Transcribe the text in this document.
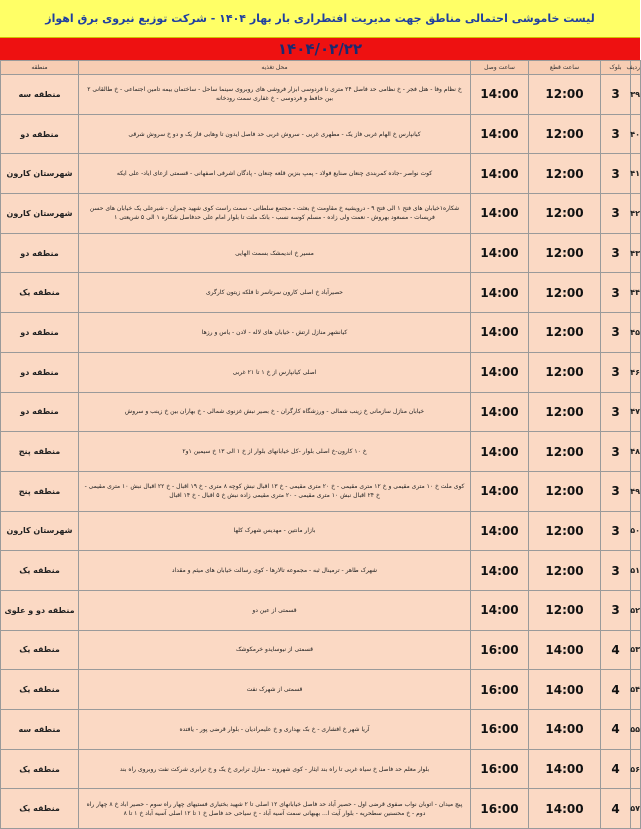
لیست خاموشی احتمالی مناطق جهت مدیریت افتطراری بار بهار ۱۴۰۴ - شرکت توزیع نیروی برق اهواز
۱۴۰۴/۰۲/۲۲
ردیف	بلوک	ساعت قطع	ساعت وصل	محل تغذیه	منطقه
۳۹	3	12:00	14:00	خ نظام وفا - هتل فجر - خ نظامی حد فاصل ۲۴ متری تا فردوسی ابزار فروشی های روبروی سینما ساحل - ساختمان بیمه تامین اجتماعی - خ طالقانی ۲ بین حافظ و فردوسی - خ غفاری سمت رودخانه	منطقه سه
۴۰	3	12:00	14:00	کیانپارس خ الهام غربی فاز یک - مطهری غربی - سروش غربی حد فاصل ایدون تا وهابی فاز یک و دو خ سروش شرقی	منطقه دو
۴۱	3	12:00	14:00	کوت نواصر -جاده کمربندی چنعان صنایع فولاد - پمپ بنزین قلعه چنعان - پادگان اشرفی اصفهانی - قسمتی ازعای ایاد- علی ایکه	شهرستان کارون
۴۲	3	12:00	14:00	شکاره۱خیابان های فتح ۱ الی فتح ۹ - درویشیه خ مقاومت خ بعثت - مجتمع سلطانی - سمت راست کوی شهید چمران - شیرعلی یک خیابان های حسن فریسات - مسعود بهروش - نعمت ولی زاده - مسلم کوسه نسب - بانک ملت تا بلوار امام علی حدفاصل شکاره ۱ الی ۵ شریعتی ۱	شهرستان کارون
۴۳	3	12:00	14:00	مسیر خ اندیمشک بسمت الهایی	منطقه دو
۴۴	3	12:00	14:00	حصیرآباد خ اصلی کارون سرتاسر تا فلکه زیتون کارگری	منطقه یک
۴۵	3	12:00	14:00	کیانشهر منازل ارتش - خیابان های لاله - لادن - یاس و رزها	منطقه دو
۴۶	3	12:00	14:00	اصلی کیانپارس از خ ۱ تا ۲۱ غربی	منطقه دو
۴۷	3	12:00	14:00	خیابان منازل سازمانی خ زینب شمالی - ورزشگاه کارگران - خ بصیر نبش غزنوی شمالی - خ بهاران بین خ زینب و سروش	منطقه دو
۴۸	3	12:00	14:00	خ ۱۰ کارون-خ اصلی بلوار -کل خیابانهای بلوار از خ ۱ الی ۱۳ خ سیمین ۱و۲	منطقه پنج
۴۹	3	12:00	14:00	کوی ملت خ ۱۰ متری مقیمی و خ ۱۲ متری مقیمی - خ ۲۰ متری مقیمی - خ ۱۳ اقبال نبش کوچه ۸ متری - خ ۱۹ اقبال - خ ۲۲ اقبال نبش ۱۰ متری مقیمی - خ ۲۴ اقبال نبش ۱۰ متری مقیمی - ۲۰ متری مقیمی زاده نبش خ ۵ اقبال - خ ۱۴ اقبال	منطقه پنج
۵۰	3	12:00	14:00	بازار مانتین - مهدیس شهرک کلها	شهرستان کارون
۵۱	3	12:00	14:00	شهرک طاهر - ترمینال ثبه - مجموعه تالارها - کوی رسالت خیابان های میثم و مقداد	منطقه یک
۵۲	3	12:00	14:00	قسمتی از عین دو	منطقه دو و علوی
۵۳	4	14:00	16:00	قسمتی از نیوسایدو خرمکوشک	منطقه یک
۵۴	4	14:00	16:00	قسمتی از شهرک نفت	منطقه یک
۵۵	4	14:00	16:00	آریا شهر خ افشاری - خ بک بهداری و خ علیمرادیان - بلوار قرضی پور - یافتده	منطقه سه
۵۶	4	14:00	16:00	بلوار معلم حد فاصل خ سیاه غربی تا راه بند ایثار - کوی شهروند - منازل ترابری خ یک و خ ترابری شرکت نفت روبروی راه بند	منطقه یک
۵۷	4	14:00	16:00	پیچ میدان - اتوبان نواب صفوی قرضی اول - حصیر آباد حد فاصل خیابانهای ۱۲ اصلی تا ۲ شهید بختیاری فستیهای چهار راه سوم - حصیر اباد خ ۸ چهار راه دوم - خ محسنین سطحریه - بلوار آیت ا... بهبهانی سمت آسیه آباد - خ سیاحی حد فاصل خ ۱ تا ۱۲ اصلی آسیه آباد خ ۱ تا ۸	منطقه یک
